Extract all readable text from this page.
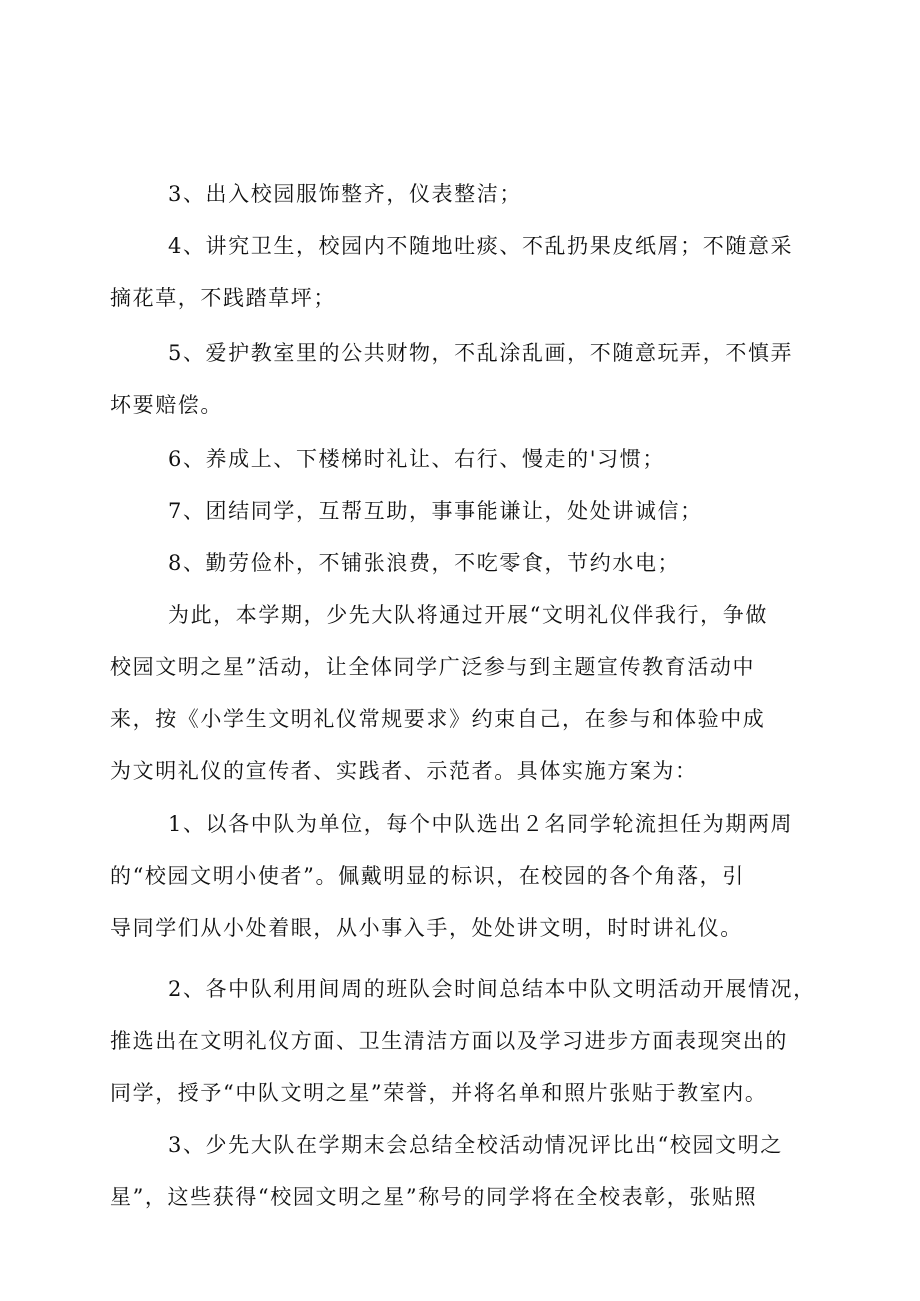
3、出入校园服饰整齐，仪表整洁；
4、讲究卫生，校园内不随地吐痰、不乱扔果皮纸屑；不随意采
摘花草，不践踏草坪；
5、爱护教室里的公共财物，不乱涂乱画，不随意玩弄，不慎弄
坏要赔偿。
6、养成上、下楼梯时礼让、右行、慢走的'习惯；
7、团结同学，互帮互助，事事能谦让，处处讲诚信；
8、勤劳俭朴，不铺张浪费，不吃零食，节约水电；
为此，本学期，少先大队将通过开展“文明礼仪伴我行，争做
校园文明之星”活动，让全体同学广泛参与到主题宣传教育活动中
来，按《小学生文明礼仪常规要求》约束自己，在参与和体验中成
为文明礼仪的宣传者、实践者、示范者。具体实施方案为：
1、以各中队为单位，每个中队选出２名同学轮流担任为期两周
的“校园文明小使者”。佩戴明显的标识，在校园的各个角落，引
导同学们从小处着眼，从小事入手，处处讲文明，时时讲礼仪。
2、各中队利用间周的班队会时间总结本中队文明活动开展情况，
推选出在文明礼仪方面、卫生清洁方面以及学习进步方面表现突出的
同学，授予“中队文明之星”荣誉，并将名单和照片张贴于教室内。
3、少先大队在学期末会总结全校活动情况评比出“校园文明之
星”，这些获得“校园文明之星”称号的同学将在全校表彰，张贴照
